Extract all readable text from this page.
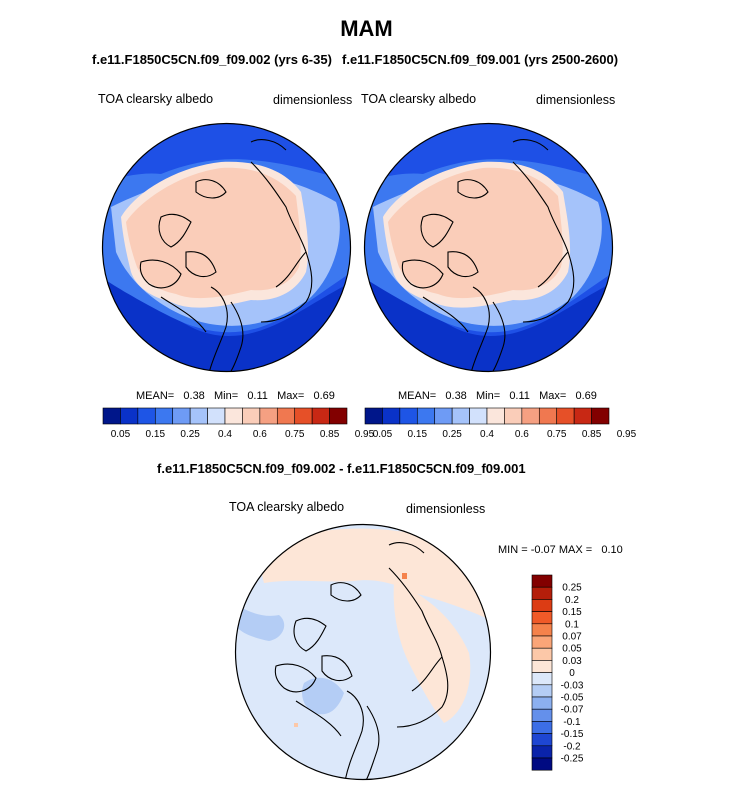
MAM
f.e11.F1850C5CN.f09_f09.002 (yrs 6-35) f.e11.F1850C5CN.f09_f09.001 (yrs 2500-2600)
TOA clearsky albedo	dimensionless TOA clearsky albedo	dimensionless
MEAN= 0.38 Min= 0.11 Max= 0.69	MEAN= 0.38 Min= 0.11 Max= 0.69
0.05 0.15 0.25 0.4 0.6 0.75 0.85 0.95
0.05 0.15 0.25 0.4 0.6 0.75 0.85 0.95
f.e11.F1850C5CN.f09_f09.002 - f.e11.F1850C5CN.f09_f09.001
TOA clearsky albedo	dimensionless
MIN = -0.07 MAX = 0.10
0.25
0.2
0.15
0.1
0.07
0.05
0.03
0
-0.03
-0.05
-0.07
-0.1
-0.15
-0.2
-0.25
